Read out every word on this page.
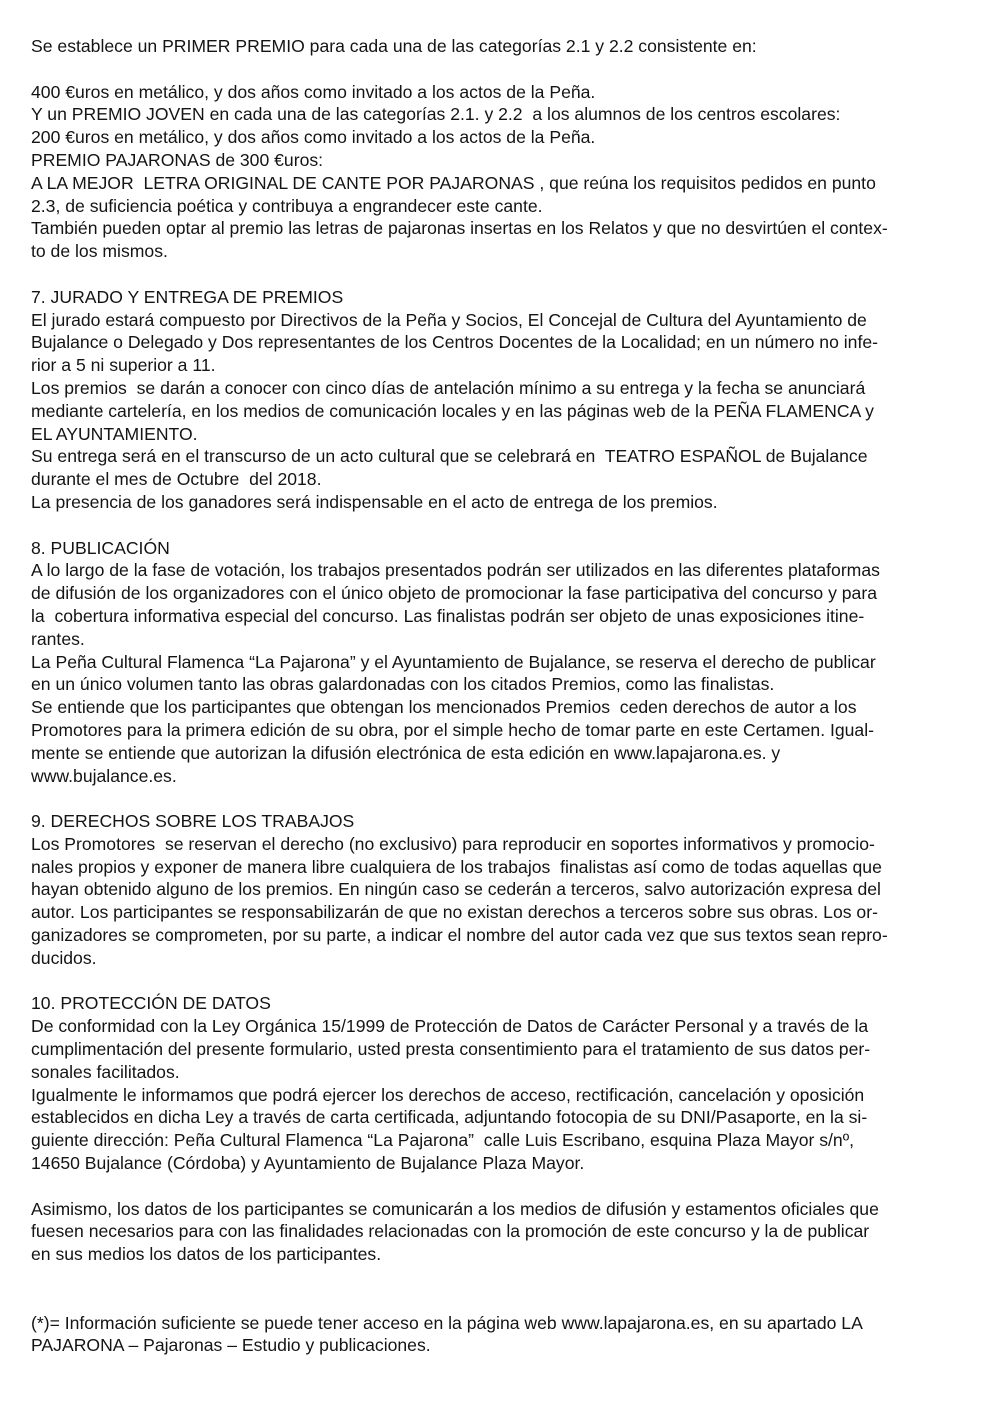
Se establece un PRIMER PREMIO para cada una de las categorías 2.1 y 2.2 consistente en:
400 €uros en metálico, y dos años como invitado a los actos de la Peña.
Y un PREMIO JOVEN en cada una de las categorías 2.1. y 2.2  a los alumnos de los centros escolares:
200 €uros en metálico, y dos años como invitado a los actos de la Peña.
PREMIO PAJARONAS de 300 €uros:
A LA MEJOR  LETRA ORIGINAL DE CANTE POR PAJARONAS , que reúna los requisitos pedidos en punto
2.3, de suficiencia poética y contribuya a engrandecer este cante.
También pueden optar al premio las letras de pajaronas insertas en los Relatos y que no desvirtúen el contex-
to de los mismos.
7. JURADO Y ENTREGA DE PREMIOS
El jurado estará compuesto por Directivos de la Peña y Socios, El Concejal de Cultura del Ayuntamiento de
Bujalance o Delegado y Dos representantes de los Centros Docentes de la Localidad; en un número no infe-
rior a 5 ni superior a 11.
Los premios  se darán a conocer con cinco días de antelación mínimo a su entrega y la fecha se anunciará
mediante cartelería, en los medios de comunicación locales y en las páginas web de la PEÑA FLAMENCA y
EL AYUNTAMIENTO.
Su entrega será en el transcurso de un acto cultural que se celebrará en  TEATRO ESPAÑOL de Bujalance
durante el mes de Octubre  del 2018.
La presencia de los ganadores será indispensable en el acto de entrega de los premios.
8. PUBLICACIÓN
A lo largo de la fase de votación, los trabajos presentados podrán ser utilizados en las diferentes plataformas
de difusión de los organizadores con el único objeto de promocionar la fase participativa del concurso y para
la  cobertura informativa especial del concurso. Las finalistas podrán ser objeto de unas exposiciones itine-
rantes.
La Peña Cultural Flamenca “La Pajarona” y el Ayuntamiento de Bujalance, se reserva el derecho de publicar
en un único volumen tanto las obras galardonadas con los citados Premios, como las finalistas.
Se entiende que los participantes que obtengan los mencionados Premios  ceden derechos de autor a los
Promotores para la primera edición de su obra, por el simple hecho de tomar parte en este Certamen. Igual-
mente se entiende que autorizan la difusión electrónica de esta edición en www.lapajarona.es. y
www.bujalance.es.
9. DERECHOS SOBRE LOS TRABAJOS
Los Promotores  se reservan el derecho (no exclusivo) para reproducir en soportes informativos y promocio-
nales propios y exponer de manera libre cualquiera de los trabajos  finalistas así como de todas aquellas que
hayan obtenido alguno de los premios. En ningún caso se cederán a terceros, salvo autorización expresa del
autor. Los participantes se responsabilizarán de que no existan derechos a terceros sobre sus obras. Los or-
ganizadores se comprometen, por su parte, a indicar el nombre del autor cada vez que sus textos sean repro-
ducidos.
10. PROTECCIÓN DE DATOS
De conformidad con la Ley Orgánica 15/1999 de Protección de Datos de Carácter Personal y a través de la
cumplimentación del presente formulario, usted presta consentimiento para el tratamiento de sus datos per-
sonales facilitados.
Igualmente le informamos que podrá ejercer los derechos de acceso, rectificación, cancelación y oposición
establecidos en dicha Ley a través de carta certificada, adjuntando fotocopia de su DNI/Pasaporte, en la si-
guiente dirección: Peña Cultural Flamenca “La Pajarona”  calle Luis Escribano, esquina Plaza Mayor s/nº,
14650 Bujalance (Córdoba) y Ayuntamiento de Bujalance Plaza Mayor.
Asimismo, los datos de los participantes se comunicarán a los medios de difusión y estamentos oficiales que
fuesen necesarios para con las finalidades relacionadas con la promoción de este concurso y la de publicar
en sus medios los datos de los participantes.
(*)= Información suficiente se puede tener acceso en la página web www.lapajarona.es, en su apartado LA
PAJARONA – Pajaronas – Estudio y publicaciones.
